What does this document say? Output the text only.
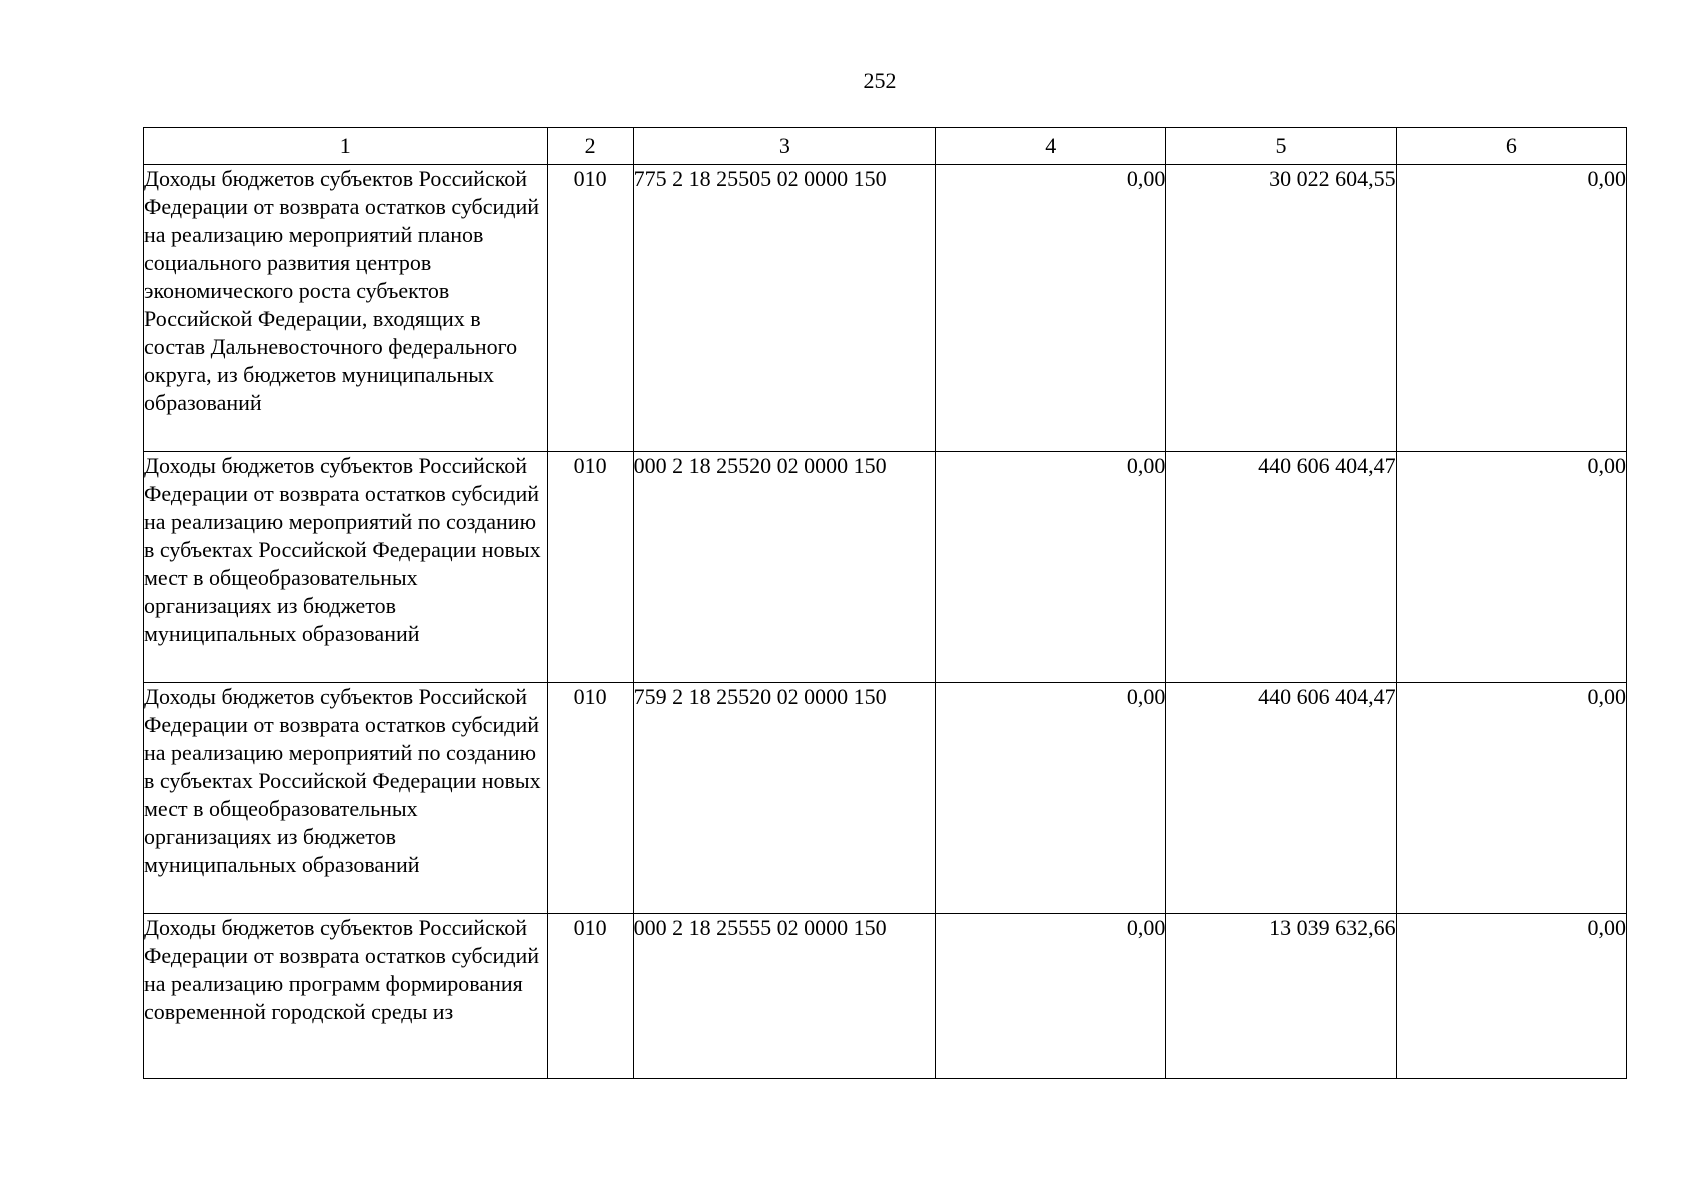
252
1	2	3	4	5	6
Доходы бюджетов субъектов Российской Федерации от возврата остатков субсидий на реализацию мероприятий планов социального развития центров экономического роста субъектов Российской Федерации, входящих в состав Дальневосточного федерального округа, из бюджетов муниципальных образований	010	775 2 18 25505 02 0000 150	0,00	30 022 604,55	0,00
Доходы бюджетов субъектов Российской Федерации от возврата остатков субсидий на реализацию мероприятий по созданию в субъектах Российской Федерации новых мест в общеобразовательных организациях из бюджетов муниципальных образований	010	000 2 18 25520 02 0000 150	0,00	440 606 404,47	0,00
Доходы бюджетов субъектов Российской Федерации от возврата остатков субсидий на реализацию мероприятий по созданию в субъектах Российской Федерации новых мест в общеобразовательных организациях из бюджетов муниципальных образований	010	759 2 18 25520 02 0000 150	0,00	440 606 404,47	0,00
Доходы бюджетов субъектов Российской Федерации от возврата остатков субсидий на реализацию программ формирования современной городской среды из	010	000 2 18 25555 02 0000 150	0,00	13 039 632,66	0,00
